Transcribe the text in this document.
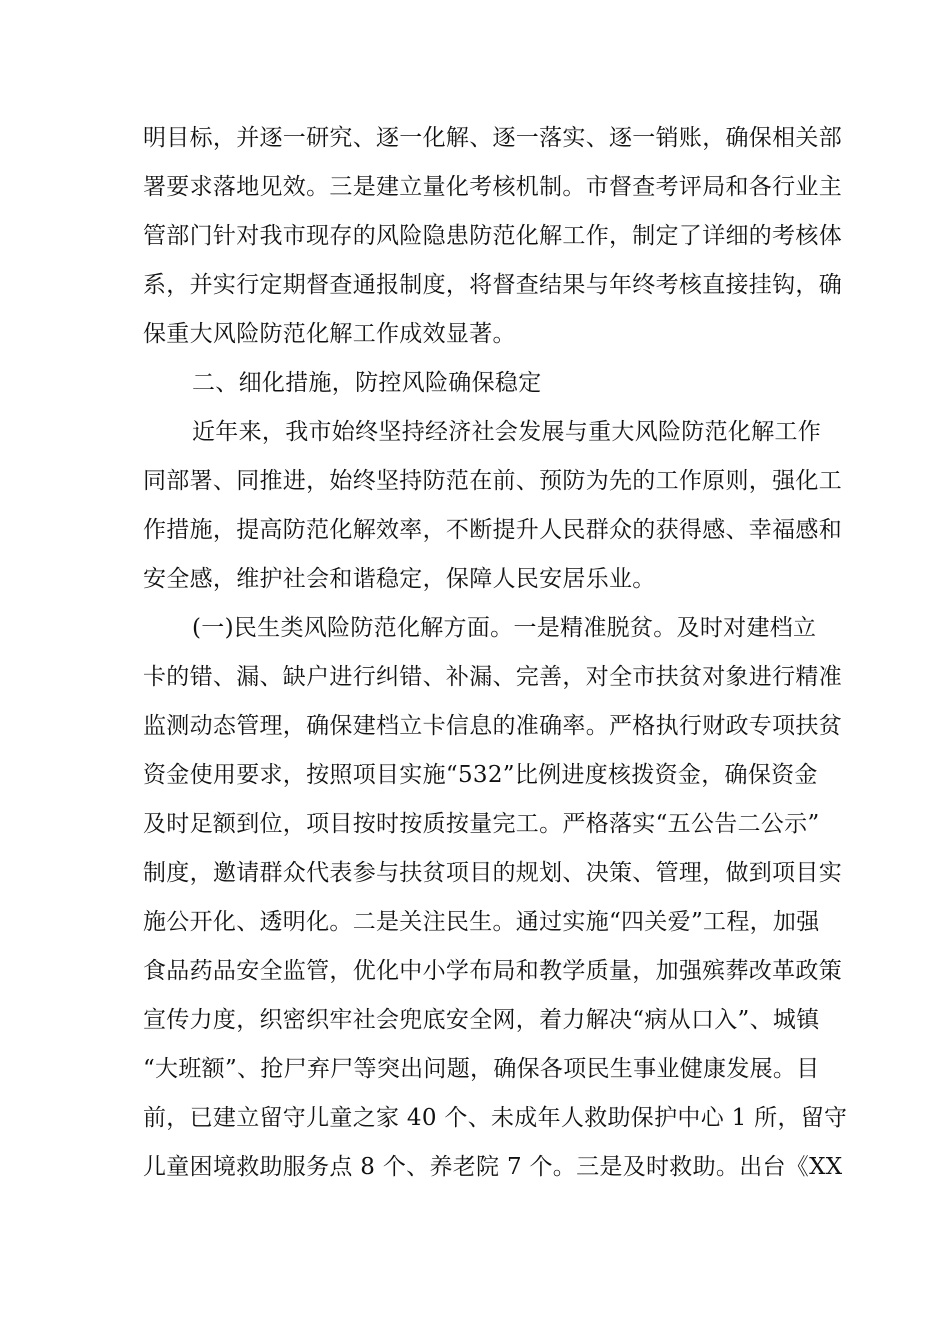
明目标，并逐一研究、逐一化解、逐一落实、逐一销账，确保相关部
署要求落地见效。三是建立量化考核机制。市督查考评局和各行业主
管部门针对我市现存的风险隐患防范化解工作，制定了详细的考核体
系，并实行定期督查通报制度，将督查结果与年终考核直接挂钩，确
保重大风险防范化解工作成效显著。
二、细化措施，防控风险确保稳定
近年来，我市始终坚持经济社会发展与重大风险防范化解工作
同部署、同推进，始终坚持防范在前、预防为先的工作原则，强化工
作措施，提高防范化解效率，不断提升人民群众的获得感、幸福感和
安全感，维护社会和谐稳定，保障人民安居乐业。
(一)民生类风险防范化解方面。一是精准脱贫。及时对建档立
卡的错、漏、缺户进行纠错、补漏、完善，对全市扶贫对象进行精准
监测动态管理，确保建档立卡信息的准确率。严格执行财政专项扶贫
资金使用要求，按照项目实施“532”比例进度核拨资金，确保资金
及时足额到位，项目按时按质按量完工。严格落实“五公告二公示”
制度，邀请群众代表参与扶贫项目的规划、决策、管理，做到项目实
施公开化、透明化。二是关注民生。通过实施“四关爱”工程，加强
食品药品安全监管，优化中小学布局和教学质量，加强殡葬改革政策
宣传力度，织密织牢社会兜底安全网，着力解决“病从口入”、城镇
“大班额”、抢尸弃尸等突出问题，确保各项民生事业健康发展。目
前，已建立留守儿童之家 40 个、未成年人救助保护中心 1 所，留守
儿童困境救助服务点 8 个、养老院 7 个。三是及时救助。出台《XX
